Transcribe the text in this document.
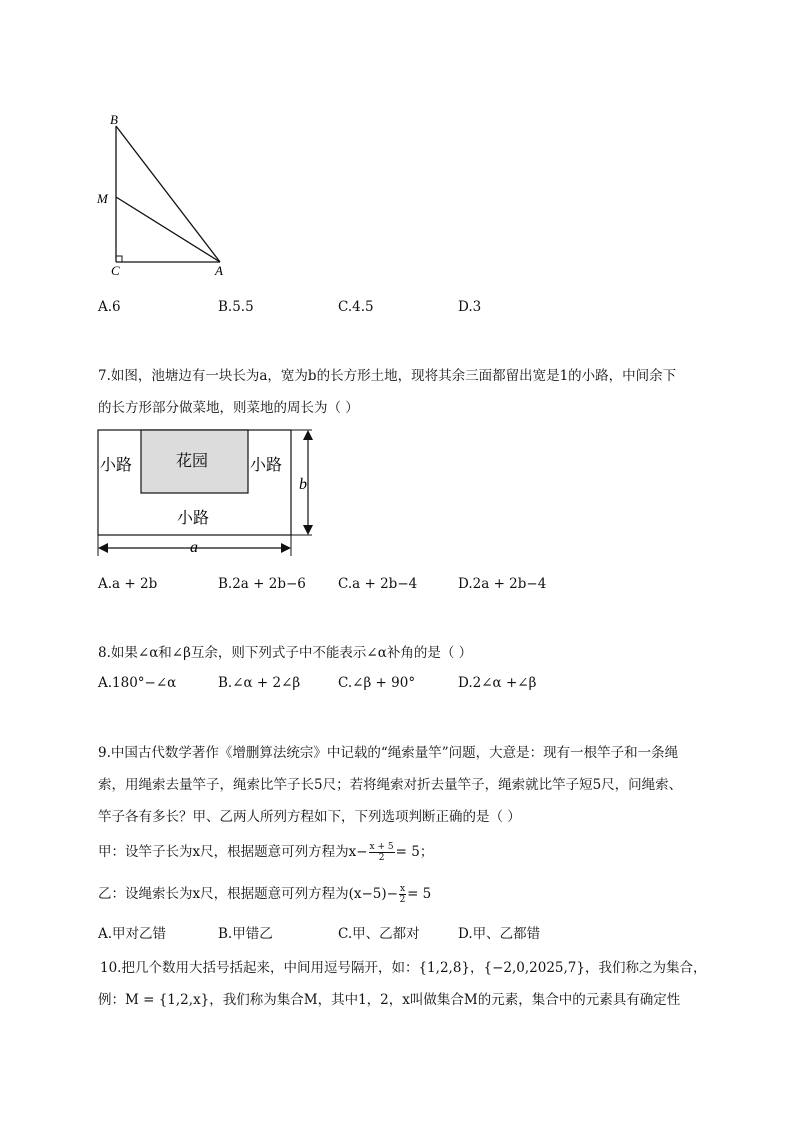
B
M
C	A
A.6	B.5.5	C.4.5	D.3
7.如图，池塘边有一块长为a，宽为b的长方形土地，现将其余三面都留出宽是1的小路，中间余下
的长方形部分做菜地，则菜地的周长为（ ）
花园
小路	小路
小路
b
a
A.a + 2b	B.2a + 2b−6 C.a + 2b−4	D.2a + 2b−4
8.如果∠α和∠β互余，则下列式子中不能表示∠α补角的是（ ）
A.180°−∠α	B.∠α + 2∠β	C.∠β + 90°	D.2∠α +∠β
9.中国古代数学著作《增删算法统宗》中记载的“绳索量竿”问题，大意是：现有一根竿子和一条绳
索，用绳索去量竿子，绳索比竿子长5尺；若将绳索对折去量竿子，绳索就比竿子短5尺，问绳索、
竿子各有多长？甲、乙两人所列方程如下，下列选项判断正确的是（ ）
甲：设竿子长为x尺，根据题意可列方程为$x- \frac{x + 5}{2} = 5$；
乙：设绳索长为x尺，根据题意可列方程为$(x-5)- \frac{x}{2} = 5$
A.甲对乙错	B.甲错乙	C.甲、乙都对	D.甲、乙都错
10.把几个数用大括号括起来，中间用逗号隔开，如：{1,2,8}，{−2,0,2025,7}，我们称之为集合，
例：M = {1,2,x}，我们称为集合M，其中1，2，x叫做集合M的元素，集合中的元素具有确定性
